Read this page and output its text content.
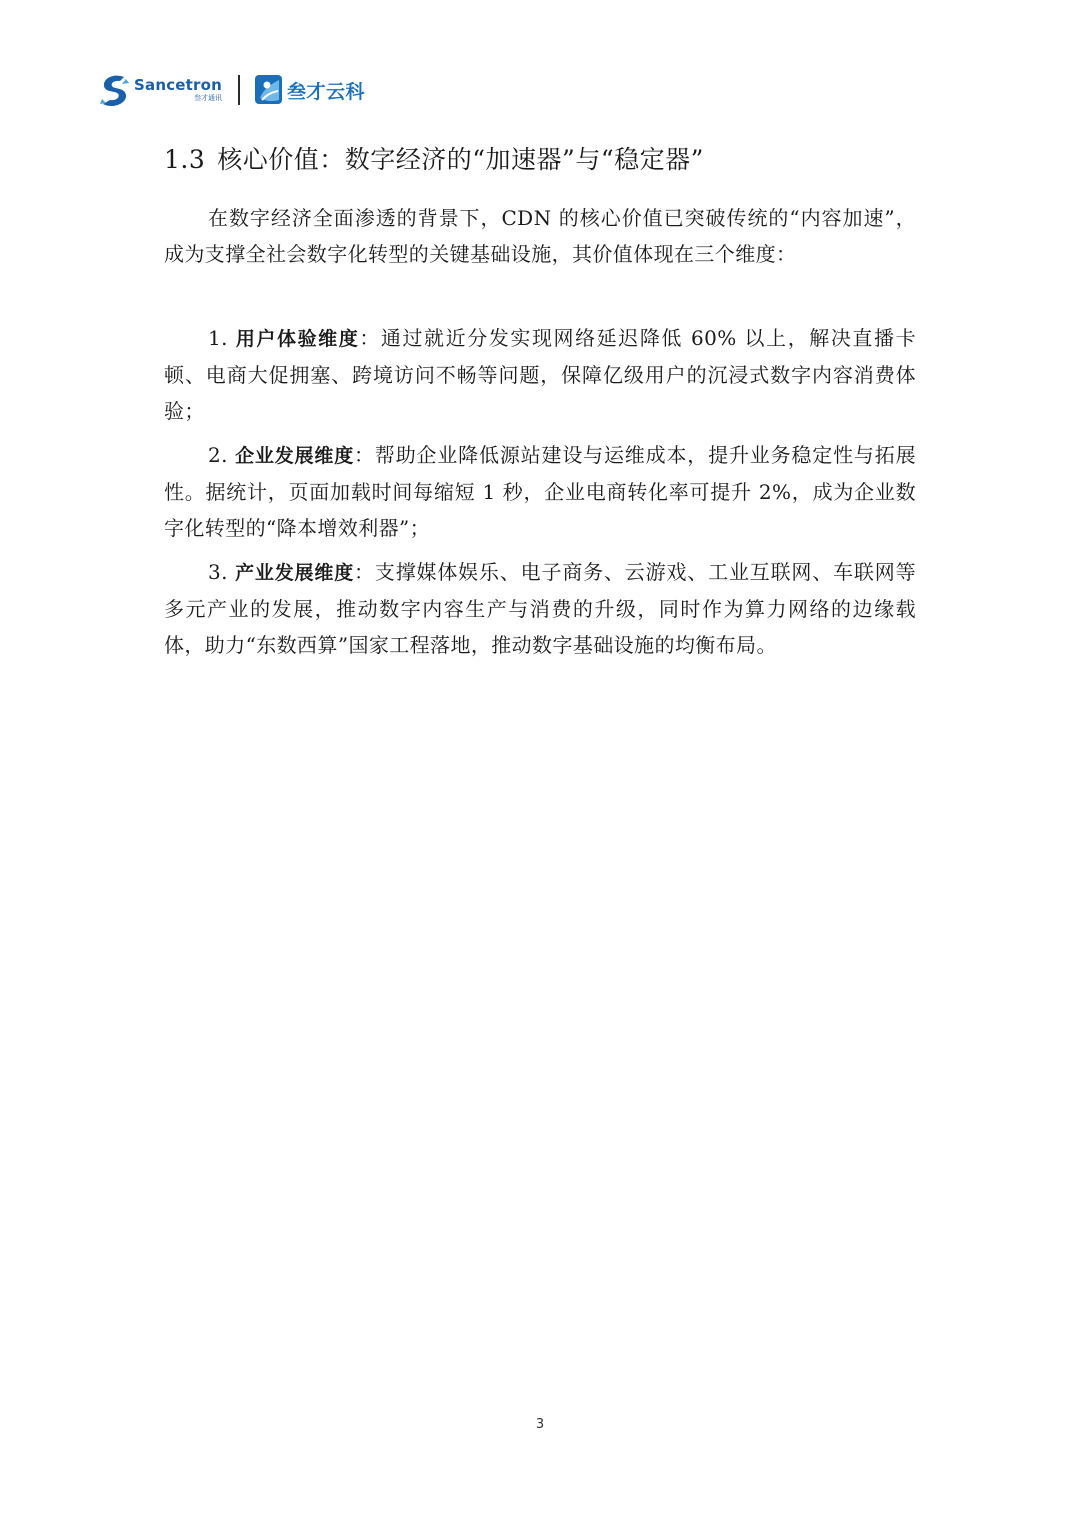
Sancetron
叁才通讯	叁才云科
1.3 核心价值：数字经济的“加速器”与“稳定器”

在数字经济全面渗透的背景下，CDN 的核心价值已突破传统的“内容加速”，成为支撑全社会数字化转型的关键基础设施，其价值体现在三个维度：

1. 用户体验维度：通过就近分发实现网络延迟降低 60% 以上，解决直播卡顿、电商大促拥塞、跨境访问不畅等问题，保障亿级用户的沉浸式数字内容消费体验；

2. 企业发展维度：帮助企业降低源站建设与运维成本，提升业务稳定性与拓展性。据统计，页面加载时间每缩短 1 秒，企业电商转化率可提升 2%，成为企业数字化转型的“降本增效利器”；

3. 产业发展维度：支撑媒体娱乐、电子商务、云游戏、工业互联网、车联网等多元产业的发展，推动数字内容生产与消费的升级，同时作为算力网络的边缘载体，助力“东数西算”国家工程落地，推动数字基础设施的均衡布局。

3
